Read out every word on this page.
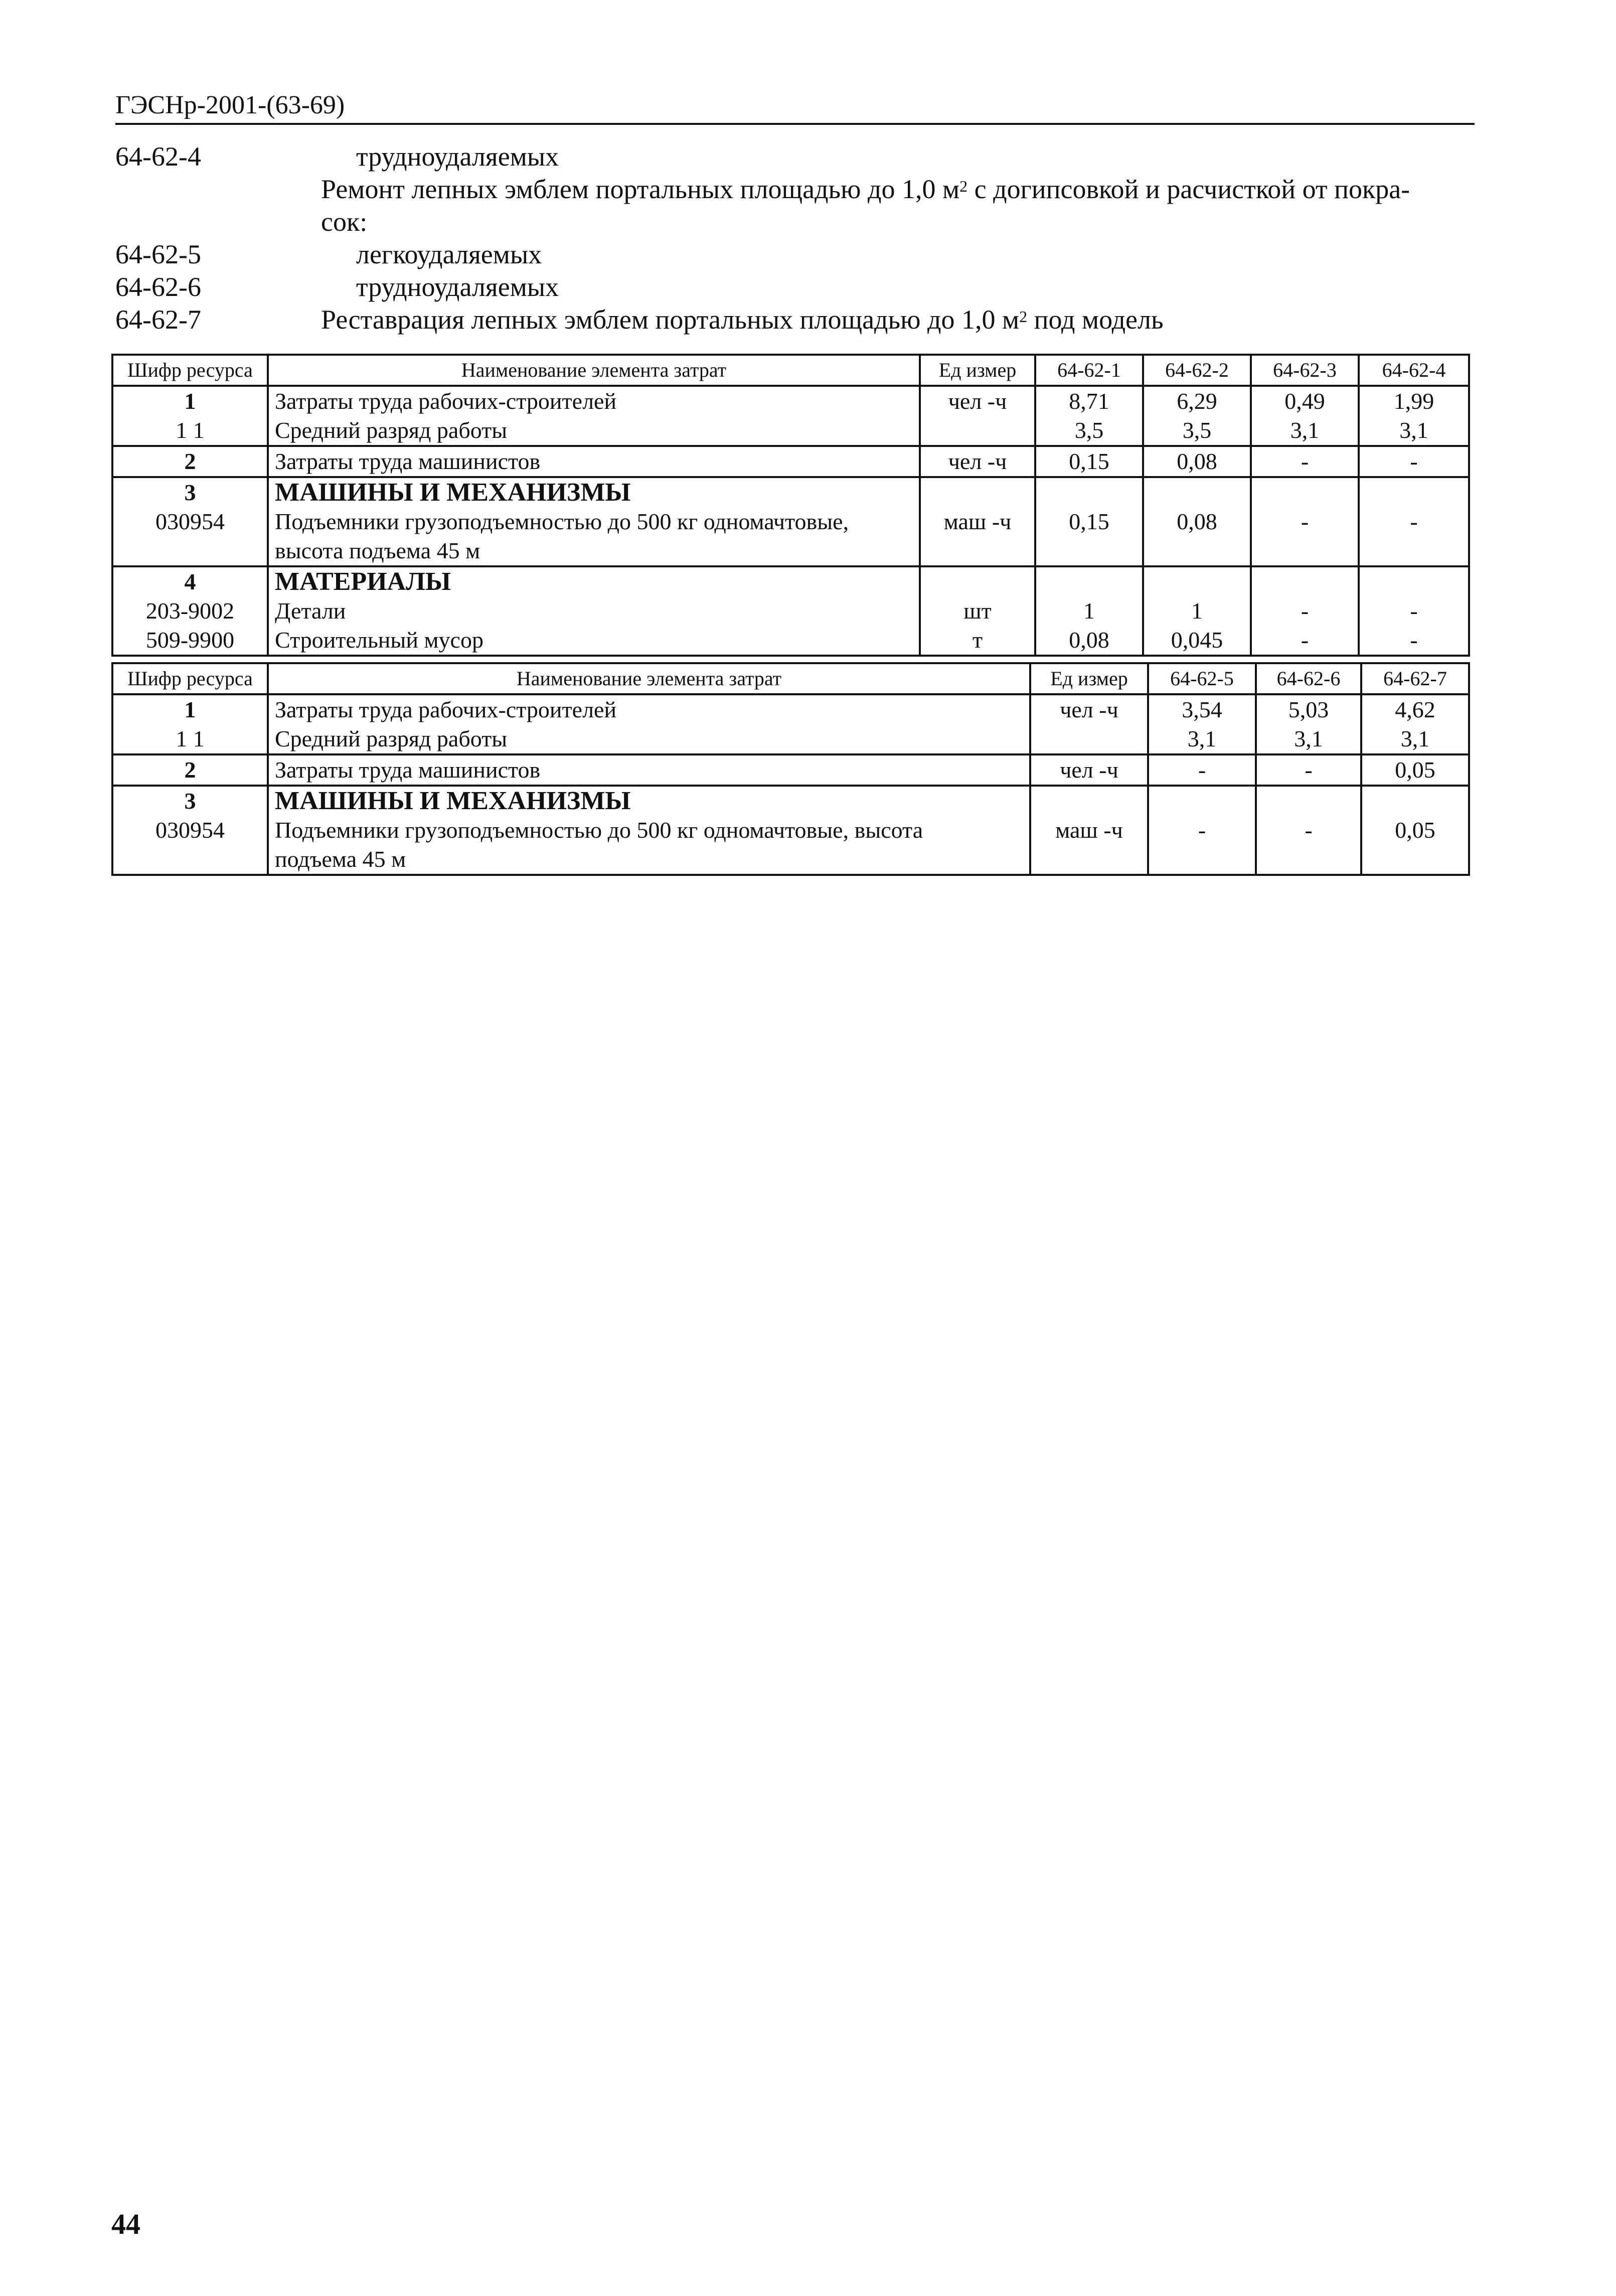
ГЭСНр-2001-(63-69)
64-62-4	трудноудаляемых
Ремонт лепных эмблем портальных площадью до 1,0 $м^2$ с догипсовкой и расчисткой от покра-
сок:
64-62-5	легкоудаляемых
64-62-6	трудноудаляемых
64-62-7	Реставрация лепных эмблем портальных площадью до 1,0 $м^2$ под модель
Шифр ресурса	Наименование элемента затрат	Ед измер	64-62-1	64-62-2	64-62-3	64-62-4
1	Затраты труда рабочих-строителей	чел -ч	8,71	6,29	0,49	1,99
1 1	Средний разряд работы		3,5	3,5	3,1	3,1
2	Затраты труда машинистов	чел -ч	0,15	0,08	-	-
3	МАШИНЫ И МЕХАНИЗМЫ					
030954	Подъемники грузоподъемностью до 500 кг одномачтовые,	маш -ч	0,15	0,08	-	-
	высота подъема 45 м					
4	МАТЕРИАЛЫ					
203-9002	Детали	шт	1	1	-	-
509-9900	Строительный мусор	т	0,08	0,045	-	-
Шифр ресурса	Наименование элемента затрат	Ед измер	64-62-5	64-62-6	64-62-7
1	Затраты труда рабочих-строителей	чел -ч	3,54	5,03	4,62
1 1	Средний разряд работы		3,1	3,1	3,1
2	Затраты труда машинистов	чел -ч	-	-	0,05
3	МАШИНЫ И МЕХАНИЗМЫ				
030954	Подъемники грузоподъемностью до 500 кг одномачтовые, высота	маш -ч	-	-	0,05
	подъема 45 м				
44
